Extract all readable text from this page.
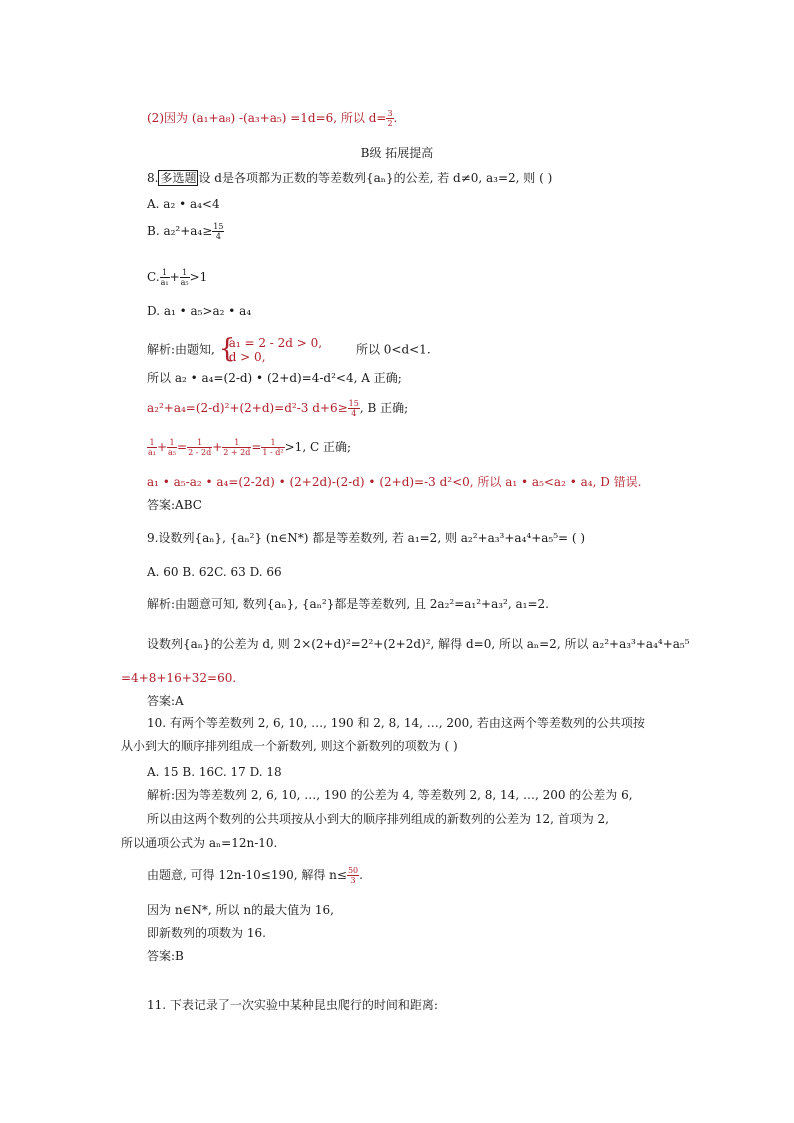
(2)因为 (a₁+a₈) -(a₃+a₅) =1d=6, 所以 $d= \frac{3}{2}$ .
B级 拓展提高
8. 多选题 设 d是各项都为正数的等差数列{aₙ}的公差, 若 d≠0, a₃=2, 则 ( )
A. a₂ • a₄<4
B. $a_2^2+a_4\ge \frac{15}{4}$
C. $\frac{1}{\text{a₁}} + \frac{1}{\text{a₅}} >1$
D. a₁ • a₅>a₂ • a₄
解析:由题知, {
a₁ = 2 - 2d > 0,
d > 0,
所以 0<d<1.
所以 a₂ • a₄=(2-d) • (2+d)=4-d²<4, A 正确;
a₂²+a₄=(2-d)²+(2+d)=d²-3 $d+6\ge \frac{15}{4}$ , B 正确;
$\frac{1}{\text{a₁}} + \frac{1}{\text{a₅}} = \frac{1}{2 - 2d} + \frac{1}{2 + 2d} = \frac{1}{\text{1 - d²}} >1$, C 正确;
a₁ • a₅-a₂ • a₄=(2-2d) • (2+2d)-(2-d) • (2+d)=-3 d²<0, 所以 a₁ • a₅<a₂ • a₄, D 错误.
答案:ABC
9.设数列{aₙ}, {aₙ²} (n∈N*) 都是等差数列, 若 a₁=2, 则 a₂²+a₃³+a₄⁴+a₅⁵= ( )
A. 60 B. 62C. 63 D. 66
解析:由题意可知, 数列{aₙ}, {aₙ²}都是等差数列, 且 2a₂²=a₁²+a₃², a₁=2.
设数列{aₙ}的公差为 d, 则 2×(2+d)²=2²+(2+2d)², 解得 d=0, 所以 aₙ=2, 所以 a₂²+a₃³+a₄⁴+a₅⁵
=4+8+16+32=60.
答案:A
10. 有两个等差数列 2, 6, 10, …, 190 和 2, 8, 14, …, 200, 若由这两个等差数列的公共项按
从小到大的顺序排列组成一个新数列, 则这个新数列的项数为 ( )
A. 15 B. 16C. 17 D. 18
解析:因为等差数列 2, 6, 10, …, 190 的公差为 4, 等差数列 2, 8, 14, …, 200 的公差为 6,
所以由这两个数列的公共项按从小到大的顺序排列组成的新数列的公差为 12, 首项为 2,
所以通项公式为 aₙ=12n-10.
由题意, 可得 12n-10≤190, 解得 $n\le \frac{50}{3}$ .
因为 n∈N*, 所以 n的最大值为 16,
即新数列的项数为 16.
答案:B
11. 下表记录了一次实验中某种昆虫爬行的时间和距离:
